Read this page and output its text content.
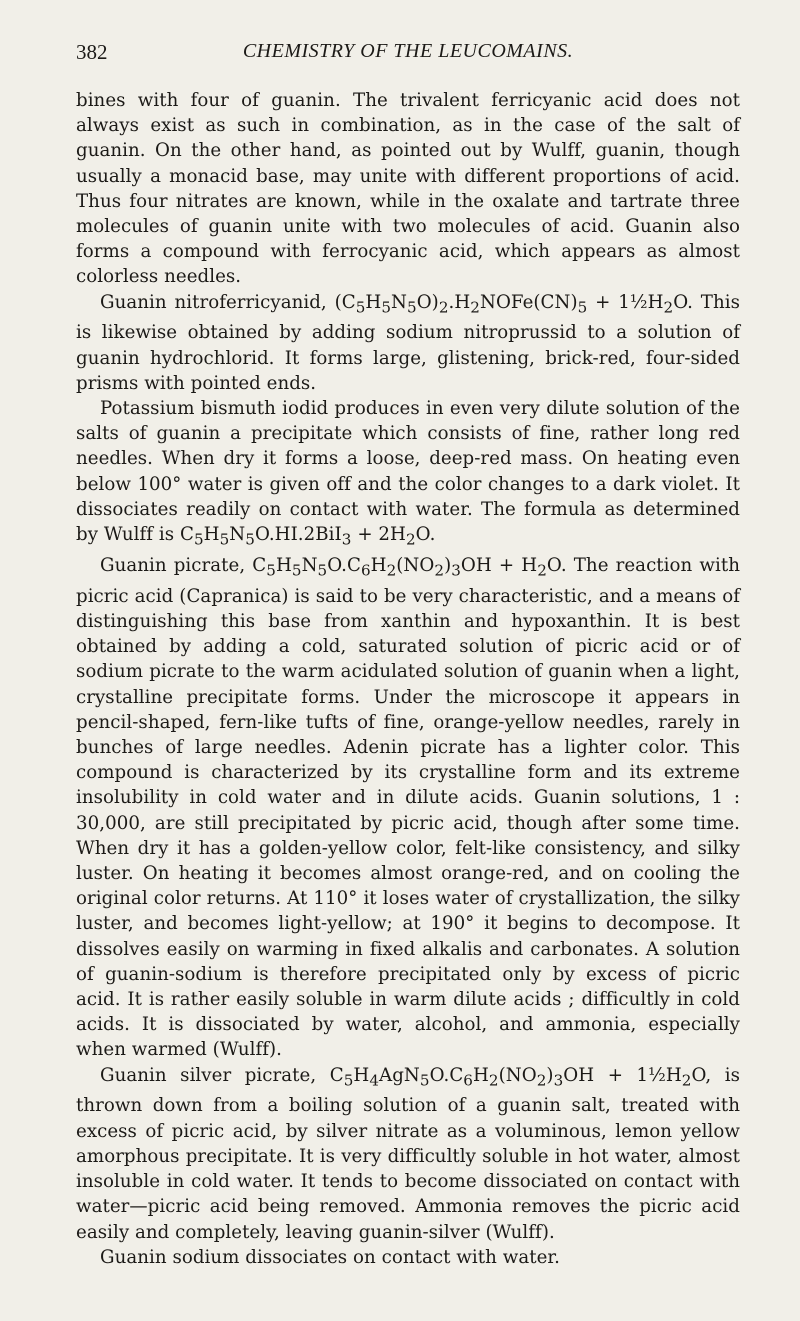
382	CHEMISTRY OF THE LEUCOMAINS.

bines with four of guanin. The trivalent ferricyanic acid does not always exist as such in combination, as in the case of the salt of guanin. On the other hand, as pointed out by Wulff, guanin, though usually a monacid base, may unite with different proportions of acid. Thus four nitrates are known, while in the oxalate and tartrate three molecules of guanin unite with two molecules of acid. Guanin also forms a compound with ferrocyanic acid, which appears as almost colorless needles.

Guanin nitroferricyanid, $(C_5H_5N_5O)_2.H_2NOFe(CN)_5$ + $1\frac{1}{2}H_2O$. This is likewise obtained by adding sodium nitroprussid to a solution of guanin hydrochlorid. It forms large, glistening, brick-red, four-sided prisms with pointed ends.

Potassium bismuth iodid produces in even very dilute solution of the salts of guanin a precipitate which consists of fine, rather long red needles. When dry it forms a loose, deep-red mass. On heating even below 100° water is given off and the color changes to a dark violet. It dissociates readily on contact with water. The formula as determined by Wulff is $C_5H_5N_5O.HI.2BiI_3 + 2H_2O$.

Guanin picrate, $C_5H_5N_5O.C_6H_2(NO_2)_3OH + H_2O$. The reaction with picric acid (Capranica) is said to be very characteristic, and a means of distinguishing this base from xanthin and hypoxanthin. It is best obtained by adding a cold, saturated solution of picric acid or of sodium picrate to the warm acidulated solution of guanin when a light, crystalline precipitate forms. Under the microscope it appears in pencil-shaped, fern-like tufts of fine, orange-yellow needles, rarely in bunches of large needles. Adenin picrate has a lighter color. This compound is characterized by its crystalline form and its extreme insolubility in cold water and in dilute acids. Guanin solutions, 1 : 30,000, are still precipitated by picric acid, though after some time. When dry it has a golden-yellow color, felt-like consistency, and silky luster. On heating it becomes almost orange-red, and on cooling the original color returns. At 110° it loses water of crystallization, the silky luster, and becomes light-yellow; at 190° it begins to decompose. It dissolves easily on warming in fixed alkalis and carbonates. A solution of guanin-sodium is therefore precipitated only by excess of picric acid. It is rather easily soluble in warm dilute acids ; difficultly in cold acids. It is dissociated by water, alcohol, and ammonia, especially when warmed (Wulff).

Guanin silver picrate, $C_5H_4AgN_5O.C_6H_2(NO_2)_3OH$ + $1\frac{1}{2}H_2O$, is thrown down from a boiling solution of a guanin salt, treated with excess of picric acid, by silver nitrate as a voluminous, lemon yellow amorphous precipitate. It is very difficultly soluble in hot water, almost insoluble in cold water. It tends to become dissociated on contact with water—picric acid being removed. Ammonia removes the picric acid easily and completely, leaving guanin-silver (Wulff).

Guanin sodium dissociates on contact with water.
